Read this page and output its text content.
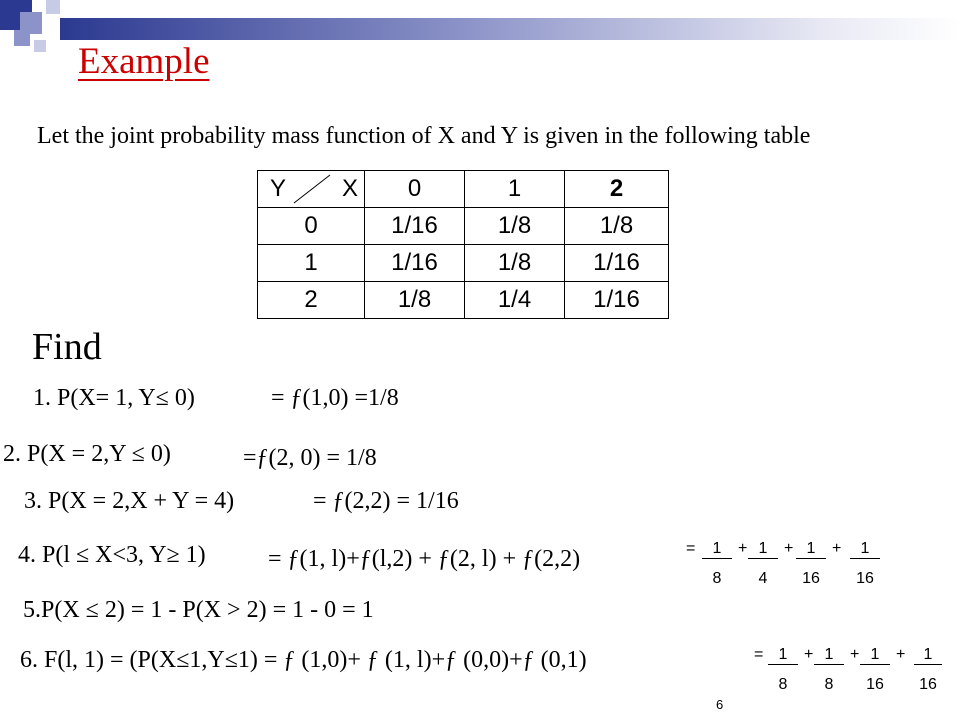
Example
Let the joint probability mass function of X and Y is given in the following table
Y X	0	1	2
0	1/16	1/8	1/8
1	1/16	1/8	1/16
2	1/8	1/4	1/16
Find
1. P(X= 1, Y≤ 0)	= ƒ(1,0) =1/8
2. P(X = 2,Y ≤ 0)	=ƒ(2, 0) = 1/8
3. P(X = 2,X + Y = 4)	= ƒ(2,2) = 1/16
4. P(l ≤ X<3, Y≥ 1)	= ƒ(1, l)+ƒ(l,2) + ƒ(2, l) + ƒ(2,2)	=	1
8
+ 1
4
+ 1
16
+	1
16
5.P(X ≤ 2) = 1 - P(X > 2) = 1 - 0 = 1
6. F(l, 1) = (P(X≤1,Y≤1) = ƒ (1,0)+ ƒ (1, l)+ƒ (0,0)+ƒ (0,1)	= 1
8
+ 1
8
+ 1
16
+	1
16
6
